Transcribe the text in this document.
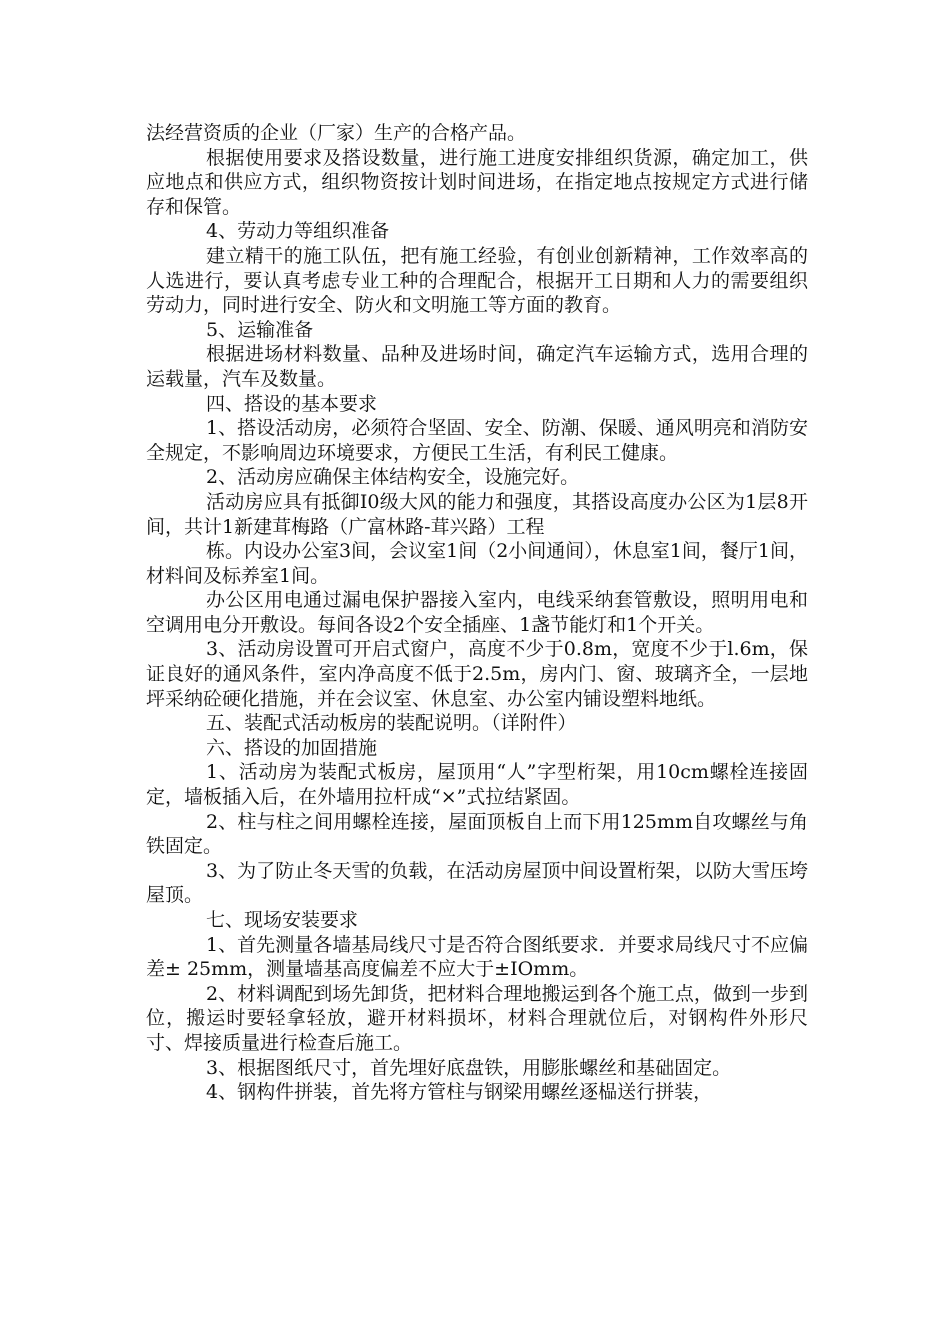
法经营资质的企业（厂家）生产的合格产品。

根据使用要求及搭设数量，进行施工进度安排组织货源，确定加工，供应地点和供应方式，组织物资按计划时间进场，在指定地点按规定方式进行储存和保管。

4、劳动力等组织准备

建立精干的施工队伍，把有施工经验，有创业创新精神，工作效率高的人选进行，要认真考虑专业工种的合理配合，根据开工日期和人力的需要组织劳动力，同时进行安全、防火和文明施工等方面的教育。

5、运输准备

根据进场材料数量、品种及进场时间，确定汽车运输方式，选用合理的运载量，汽车及数量。

四、搭设的基本要求

1、搭设活动房，必须符合坚固、安全、防潮、保暖、通风明亮和消防安全规定，不影响周边环境要求，方便民工生活，有利民工健康。

2、活动房应确保主体结构安全，设施完好。

活动房应具有抵御I0级大风的能力和强度，其搭设高度办公区为1层8开间，共计1新建茸梅路（广富林路-茸兴路）工程

栋。内设办公室3间，会议室1间（2小间通间），休息室1间，餐厅1间，材料间及标养室1间。

办公区用电通过漏电保护器接入室内，电线采纳套管敷设，照明用电和空调用电分开敷设。每间各设2个安全插座、1盏节能灯和1个开关。

3、活动房设置可开启式窗户，高度不少于0.8m，宽度不少于l.6m，保证良好的通风条件，室内净高度不低于2.5m，房内门、窗、玻璃齐全，一层地坪采纳砼硬化措施，并在会议室、休息室、办公室内铺设塑料地纸。

五、装配式活动板房的装配说明。（详附件）

六、搭设的加固措施

1、活动房为装配式板房，屋顶用“人”字型桁架，用10cm螺栓连接固定，墙板插入后，在外墙用拉杆成“×”式拉结紧固。

2、柱与柱之间用螺栓连接，屋面顶板自上而下用125mm自攻螺丝与角铁固定。

3、为了防止冬天雪的负载，在活动房屋顶中间设置桁架，以防大雪压垮屋顶。

七、现场安装要求

1、首先测量各墙基局线尺寸是否符合图纸要求．并要求局线尺寸不应偏差± 25mm，测量墙基高度偏差不应大于±IOmm。

2、材料调配到场先卸货，把材料合理地搬运到各个施工点，做到一步到位，搬运时要轻拿轻放，避开材料损坏，材料合理就位后，对钢构件外形尺寸、焊接质量进行检查后施工。

3、根据图纸尺寸，首先埋好底盘铁，用膨胀螺丝和基础固定。

4、钢构件拼装，首先将方管柱与钢梁用螺丝逐榀送行拼装，
